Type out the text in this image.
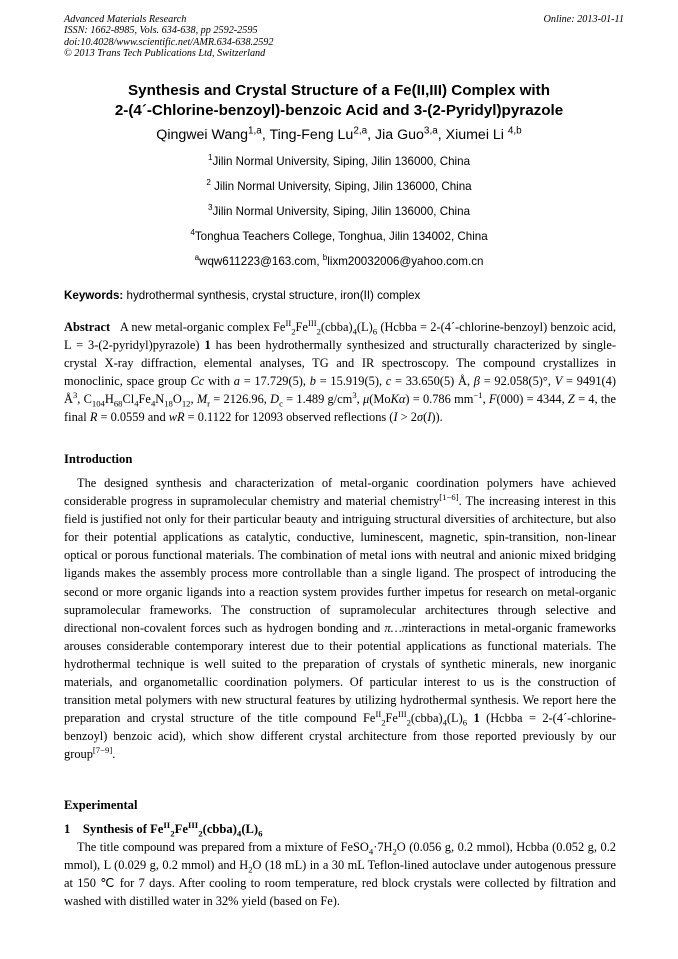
Advanced Materials Research
ISSN: 1662-8985, Vols. 634-638, pp 2592-2595
doi:10.4028/www.scientific.net/AMR.634-638.2592
© 2013 Trans Tech Publications Ltd, Switzerland
Online: 2013-01-11
Synthesis and Crystal Structure of a Fe(II,III) Complex with
2-(4´-Chlorine-benzoyl)-benzoic Acid and 3-(2-Pyridyl)pyrazole
Qingwei Wang$^{1,a}$, Ting-Feng Lu$^{2,a}$, Jia Guo$^{3,a}$, Xiumei Li $^{4,b}$
$^1$Jilin Normal University, Siping, Jilin 136000, China
$^2$ Jilin Normal University, Siping, Jilin 136000, China
$^3$Jilin Normal University, Siping, Jilin 136000, China
$^4$Tonghua Teachers College, Tonghua, Jilin 134002, China
$^a$wqw611223@163.com, $^b$lixm20032006@yahoo.com.cn
Keywords: hydrothermal synthesis, crystal structure, iron(II) complex
Abstract A new metal-organic complex $Fe^{II}_2Fe^{III}_2(cbba)_4(L)_6$ (Hcbba = 2-(4´-chlorine-benzoyl) benzoic acid, L = 3-(2-pyridyl)pyrazole) 1 has been hydrothermally synthesized and structurally characterized by single-crystal X-ray diffraction, elemental analyses, TG and IR spectroscopy. The compound crystallizes in monoclinic, space group Cc with a = 17.729(5), b = 15.919(5), c = 33.650(5) Å, β = 92.058(5)°, V = 9491(4) $Å^3$, $C_{104}H_{68}Cl_4Fe_4N_{18}O_{12}$, $M_r = 2126.96$, $D_c = 1.489$ $g/cm^3$, μ(MoKα) = 0.786 $mm^{-1}$, F(000) = 4344, Z = 4, the final R = 0.0559 and wR = 0.1122 for 12093 observed reflections (I > 2σ(I)).
Introduction
The designed synthesis and characterization of metal-organic coordination polymers have achieved considerable progress in supramolecular chemistry and material chemistry[1−6]. The increasing interest in this field is justified not only for their particular beauty and intriguing structural diversities of architecture, but also for their potential applications as catalytic, conductive, luminescent, magnetic, spin-transition, non-linear optical or porous functional materials. The combination of metal ions with neutral and anionic mixed bridging ligands makes the assembly process more controllable than a single ligand. The prospect of introducing the second or more organic ligands into a reaction system provides further impetus for research on metal-organic supramolecular frameworks. The construction of supramolecular architectures through selective and directional non-covalent forces such as hydrogen bonding and π…πinteractions in metal-organic frameworks arouses considerable contemporary interest due to their potential applications as functional materials. The hydrothermal technique is well suited to the preparation of crystals of synthetic minerals, new inorganic materials, and organometallic coordination polymers. Of particular interest to us is the construction of transition metal polymers with new structural features by utilizing hydrothermal synthesis. We report here the preparation and crystal structure of the title compound $Fe^{II}_2Fe^{III}_2(cbba)_4(L)_6$ 1 (Hcbba = 2-(4´-chlorine-benzoyl) benzoic acid), which show different crystal architecture from those reported previously by our group[7−9].
Experimental
1 Synthesis of $Fe^{II}_2Fe^{III}_2(cbba)_4(L)_6$
The title compound was prepared from a mixture of $FeSO_4\cdot 7H_2O$ (0.056 g, 0.2 mmol), Hcbba (0.052 g, 0.2 mmol), L (0.029 g, 0.2 mmol) and $H_2O$ (18 mL) in a 30 mL Teflon-lined autoclave under autogenous pressure at 150 ℃ for 7 days. After cooling to room temperature, red block crystals were collected by filtration and washed with distilled water in 32% yield (based on Fe).
